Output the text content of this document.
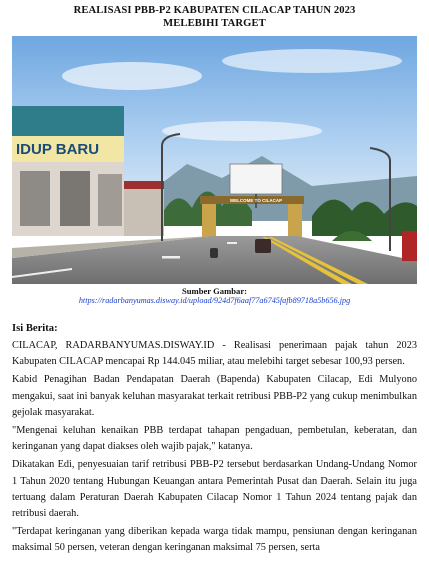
REALISASI PBB-P2 KABUPATEN CILACAP TAHUN 2023
MELEBIHI TARGET
IDUP BARU
WELCOME TO CILACAP
Sumber Gambar:
https://radarbanyumas.disway.id/upload/924d7f6aaf77a6745fafb89718a5b656.jpg
Isi Berita:

CILACAP, RADARBANYUMAS.DISWAY.ID - Realisasi penerimaan pajak tahun 2023 Kabupaten CILACAP mencapai Rp 144.045 miliar, atau melebihi target sebesar 100,93 persen.

Kabid Penagihan Badan Pendapatan Daerah (Bapenda) Kabupaten Cilacap, Edi Mulyono mengakui, saat ini banyak keluhan masyarakat terkait retribusi PBB-P2 yang cukup menimbulkan gejolak masyarakat.

"Mengenai keluhan kenaikan PBB terdapat tahapan pengaduan, pembetulan, keberatan, dan keringanan yang dapat diakses oleh wajib pajak," katanya.

Dikatakan Edi, penyesuaian tarif retribusi PBB-P2 tersebut berdasarkan Undang-Undang Nomor 1 Tahun 2020 tentang Hubungan Keuangan antara Pemerintah Pusat dan Daerah. Selain itu juga tertuang dalam Peraturan Daerah Kabupaten Cilacap Nomor 1 Tahun 2024 tentang pajak dan retribusi daerah.

"Terdapat keringanan yang diberikan kepada warga tidak mampu, pensiunan dengan keringanan maksimal 50 persen, veteran dengan keringanan maksimal 75 persen, serta
